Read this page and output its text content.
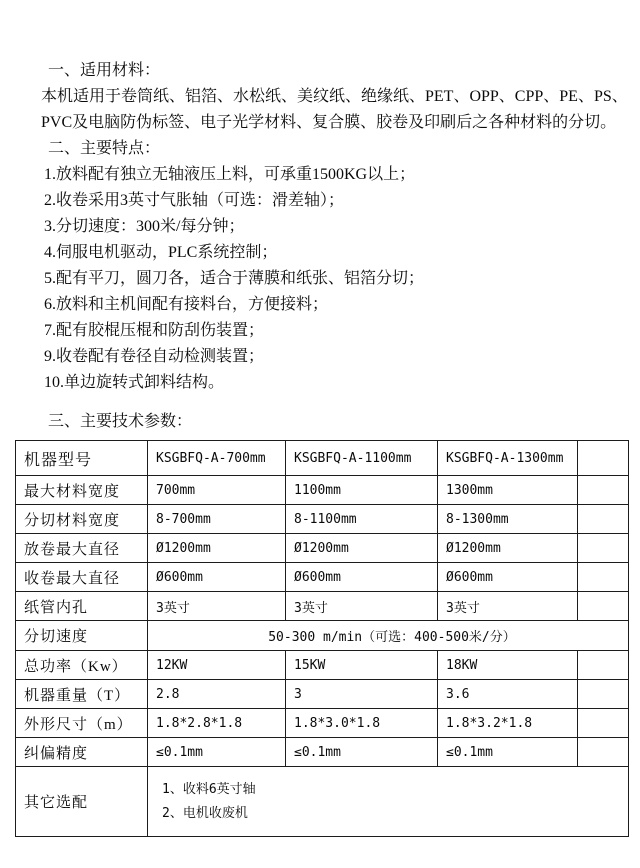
一、适用材料：
本机适用于卷筒纸、铝箔、水松纸、美纹纸、绝缘纸、PET、OPP、CPP、PE、PS、
PVC及电脑防伪标签、电子光学材料、复合膜、胶卷及印刷后之各种材料的分切。
二、主要特点：
1.放料配有独立无轴液压上料，可承重1500KG以上；
2.收卷采用3英寸气胀轴（可选：滑差轴）；
3.分切速度：300米/每分钟；
4.伺服电机驱动，PLC系统控制；
5.配有平刀，圆刀各，适合于薄膜和纸张、铝箔分切；
6.放料和主机间配有接料台，方便接料；
7.配有胶棍压棍和防刮伤装置；
9.收卷配有卷径自动检测装置；
10.单边旋转式卸料结构。
三、主要技术参数：
机器型号	KSGBFQ-A-700mm	KSGBFQ-A-1100mm	KSGBFQ-A-1300mm	
最大材料宽度	700mm	1100mm	1300mm	
分切材料宽度	8-700mm	8-1100mm	8-1300mm	
放卷最大直径	Ø1200mm	Ø1200mm	Ø1200mm	
收卷最大直径	Ø600mm	Ø600mm	Ø600mm	
纸管内孔	3英寸	3英寸	3英寸	
分切速度	50-300 m/min（可选：400-500米/分）			
总功率（Kw）	12KW	15KW	18KW	
机器重量（T）	2.8	3	3.6	
外形尺寸（m）	1.8*2.8*1.8	1.8*3.0*1.8	1.8*3.2*1.8	
纠偏精度	≤0.1mm	≤0.1mm	≤0.1mm	
其它选配	1、收料6英寸轴
2、电机收废机			
